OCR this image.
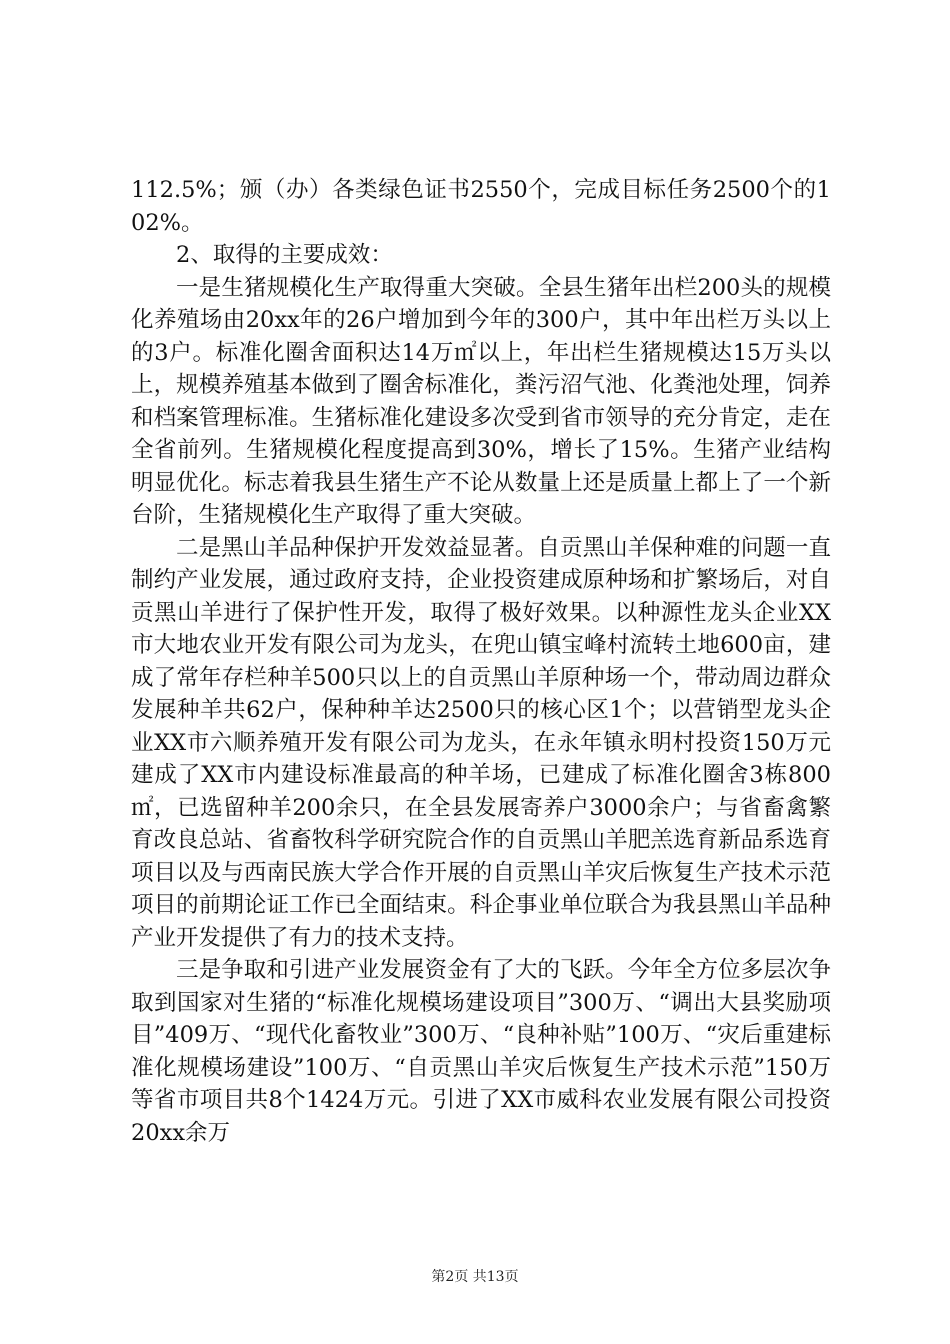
112.5%；颁（办）各类绿色证书2550个，完成目标任务2500个的102%。

2、取得的主要成效：

一是生猪规模化生产取得重大突破。全县生猪年出栏200头的规模化养殖场由20xx年的26户增加到今年的300户，其中年出栏万头以上的3户。标准化圈舍面积达14万㎡以上，年出栏生猪规模达15万头以上，规模养殖基本做到了圈舍标准化，粪污沼气池、化粪池处理，饲养和档案管理标准。生猪标准化建设多次受到省市领导的充分肯定，走在全省前列。生猪规模化程度提高到30%，增长了15%。生猪产业结构明显优化。标志着我县生猪生产不论从数量上还是质量上都上了一个新台阶，生猪规模化生产取得了重大突破。

二是黑山羊品种保护开发效益显著。自贡黑山羊保种难的问题一直制约产业发展，通过政府支持，企业投资建成原种场和扩繁场后，对自贡黑山羊进行了保护性开发，取得了极好效果。以种源性龙头企业XX市大地农业开发有限公司为龙头，在兜山镇宝峰村流转土地600亩，建成了常年存栏种羊500只以上的自贡黑山羊原种场一个，带动周边群众发展种羊共62户，保种种羊达2500只的核心区1个；以营销型龙头企业XX市六顺养殖开发有限公司为龙头，在永年镇永明村投资150万元建成了XX市内建设标准最高的种羊场，已建成了标准化圈舍3栋800㎡，已选留种羊200余只，在全县发展寄养户3000余户；与省畜禽繁育改良总站、省畜牧科学研究院合作的自贡黑山羊肥羔选育新品系选育项目以及与西南民族大学合作开展的自贡黑山羊灾后恢复生产技术示范项目的前期论证工作已全面结束。科企事业单位联合为我县黑山羊品种产业开发提供了有力的技术支持。

三是争取和引进产业发展资金有了大的飞跃。今年全方位多层次争取到国家对生猪的“标准化规模场建设项目”300万、“调出大县奖励项目”409万、“现代化畜牧业”300万、“良种补贴”100万、“灾后重建标准化规模场建设”100万、“自贡黑山羊灾后恢复生产技术示范”150万等省市项目共8个1424万元。引进了XX市威科农业发展有限公司投资20xx余万

第2页 共13页
